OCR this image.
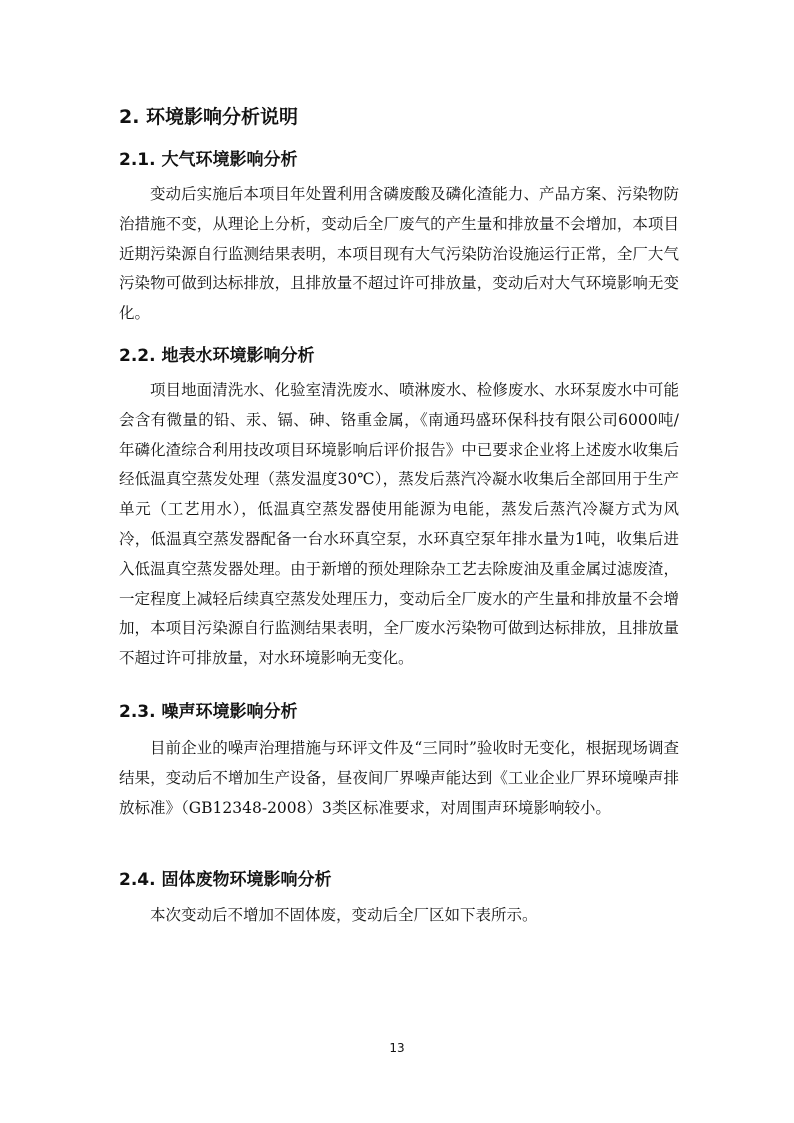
2. 环境影响分析说明
2.1. 大气环境影响分析

变动后实施后本项目年处置利用含磷废酸及磷化渣能力、产品方案、污染物防治措施不变，从理论上分析，变动后全厂废气的产生量和排放量不会增加，本项目近期污染源自行监测结果表明，本项目现有大气污染防治设施运行正常，全厂大气污染物可做到达标排放，且排放量不超过许可排放量，变动后对大气环境影响无变化。

2.2. 地表水环境影响分析

项目地面清洗水、化验室清洗废水、喷淋废水、检修废水、水环泵废水中可能会含有微量的铅、汞、镉、砷、铬重金属，《南通玛盛环保科技有限公司6000吨/年磷化渣综合利用技改项目环境影响后评价报告》中已要求企业将上述废水收集后经低温真空蒸发处理（蒸发温度30℃），蒸发后蒸汽冷凝水收集后全部回用于生产单元（工艺用水），低温真空蒸发器使用能源为电能，蒸发后蒸汽冷凝方式为风冷，低温真空蒸发器配备一台水环真空泵，水环真空泵年排水量为1吨，收集后进入低温真空蒸发器处理。由于新增的预处理除杂工艺去除废油及重金属过滤废渣，一定程度上减轻后续真空蒸发处理压力，变动后全厂废水的产生量和排放量不会增加，本项目污染源自行监测结果表明，全厂废水污染物可做到达标排放，且排放量不超过许可排放量，对水环境影响无变化。

2.3. 噪声环境影响分析

目前企业的噪声治理措施与环评文件及“三同时”验收时无变化，根据现场调查结果，变动后不增加生产设备，昼夜间厂界噪声能达到《工业企业厂界环境噪声排放标准》（GB12348-2008）3类区标准要求，对周围声环境影响较小。

2.4. 固体废物环境影响分析

本次变动后不增加不固体废，变动后全厂区如下表所示。

13
